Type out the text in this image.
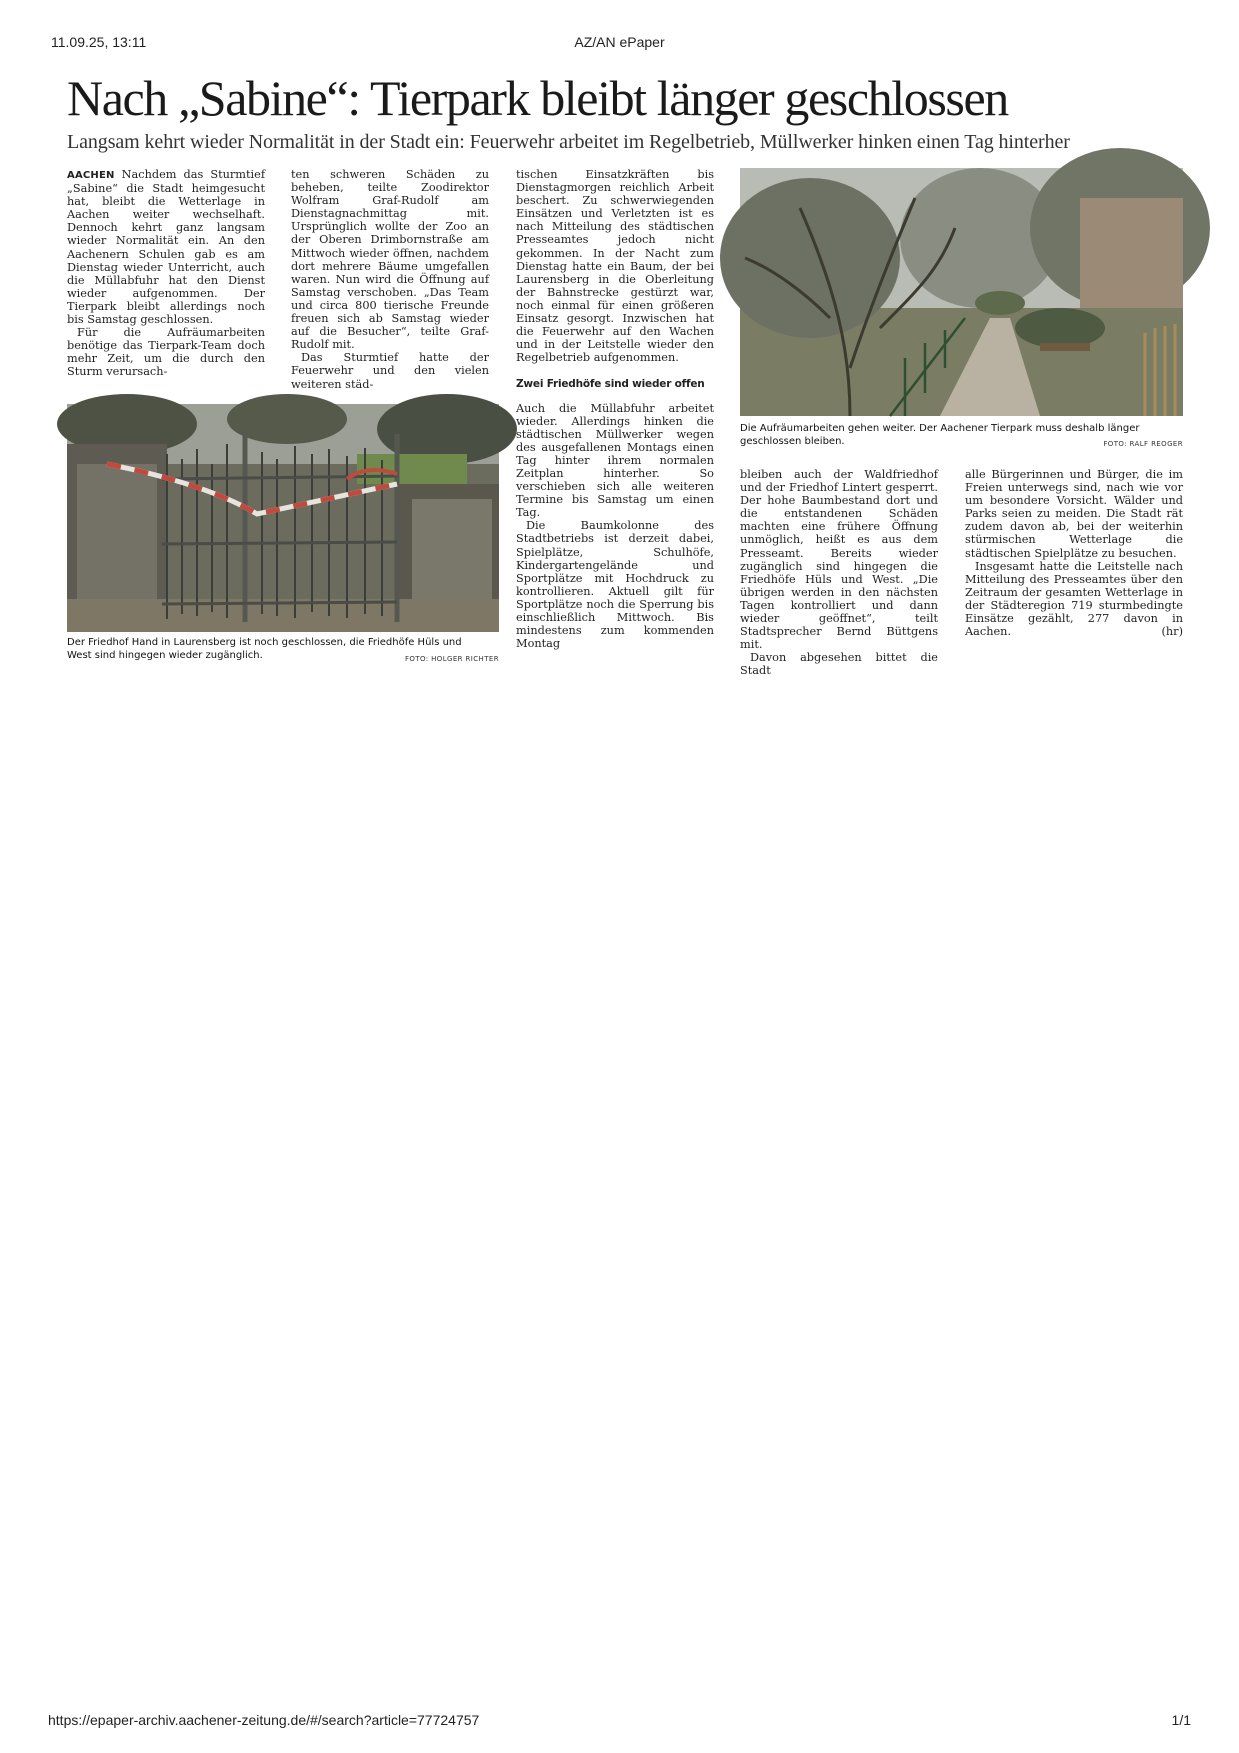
11.09.25, 13:11	AZ/AN ePaper
Nach „Sabine“: Tierpark bleibt länger geschlossen

Langsam kehrt wieder Normalität in der Stadt ein: Feuerwehr arbeitet im Regelbetrieb, Müllwerker hinken einen Tag hinterher

AACHEN Nachdem das Sturmtief „Sabine“ die Stadt heimgesucht hat, bleibt die Wetterlage in Aachen weiter wechselhaft. Dennoch kehrt ganz langsam wieder Normalität ein. An den Aachenern Schulen gab es am Dienstag wieder Unterricht, auch die Müllabfuhr hat den Dienst wieder aufgenommen. Der Tierpark bleibt allerdings noch bis Samstag geschlossen.

Für die Aufräumarbeiten benötige das Tierpark-Team doch mehr Zeit, um die durch den Sturm verursach-

ten schweren Schäden zu beheben, teilte Zoodirektor Wolfram Graf-Rudolf am Dienstagnachmittag mit. Ursprünglich wollte der Zoo an der Oberen Drimbornstraße am Mittwoch wieder öffnen, nachdem dort mehrere Bäume umgefallen waren. Nun wird die Öffnung auf Samstag verschoben. „Das Team und circa 800 tierische Freunde freuen sich ab Samstag wieder auf die Besucher“, teilte Graf-Rudolf mit.

Das Sturmtief hatte der Feuerwehr und den vielen weiteren städ-

tischen Einsatzkräften bis Dienstagmorgen reichlich Arbeit beschert. Zu schwerwiegenden Einsätzen und Verletzten ist es nach Mitteilung des städtischen Presseamtes jedoch nicht gekommen. In der Nacht zum Dienstag hatte ein Baum, der bei Laurensberg in die Oberleitung der Bahnstrecke gestürzt war, noch einmal für einen größeren Einsatz gesorgt. Inzwischen hat die Feuerwehr auf den Wachen und in der Leitstelle wieder den Regelbetrieb aufgenommen.

Zwei Friedhöfe sind wieder offen

Auch die Müllabfuhr arbeitet wieder. Allerdings hinken die städtischen Müllwerker wegen des ausgefallenen Montags einen Tag hinter ihrem normalen Zeitplan hinterher. So verschieben sich alle weiteren Termine bis Samstag um einen Tag.

Die Baumkolonne des Stadtbetriebs ist derzeit dabei, Spielplätze, Schulhöfe, Kindergartengelände und Sportplätze mit Hochdruck zu kontrollieren. Aktuell gilt für Sportplätze noch die Sperrung bis einschließlich Mittwoch. Bis mindestens zum kommenden Montag

bleiben auch der Waldfriedhof und der Friedhof Lintert gesperrt. Der hohe Baumbestand dort und die entstandenen Schäden machten eine frühere Öffnung unmöglich, heißt es aus dem Presseamt. Bereits wieder zugänglich sind hingegen die Friedhöfe Hüls und West. „Die übrigen werden in den nächsten Tagen kontrolliert und dann wieder geöffnet“, teilt Stadtsprecher Bernd Büttgens mit.

Davon abgesehen bittet die Stadt

alle Bürgerinnen und Bürger, die im Freien unterwegs sind, nach wie vor um besondere Vorsicht. Wälder und Parks seien zu meiden. Die Stadt rät zudem davon ab, bei der weiterhin stürmischen Wetterlage die städtischen Spielplätze zu besuchen.

Insgesamt hatte die Leitstelle nach Mitteilung des Presseamtes über den Zeitraum der gesamten Wetterlage in der Städteregion 719 sturmbedingte Einsätze gezählt, 277 davon in Aachen.	(hr)

Der Friedhof Hand in Laurensberg ist noch geschlossen, die Friedhöfe Hüls und West sind hingegen wieder zugänglich.	FOTO: HOLGER RICHTER
Die Aufräumarbeiten gehen weiter. Der Aachener Tierpark muss deshalb länger geschlossen bleiben.	FOTO: RALF REOGER
https://epaper-archiv.aachener-zeitung.de/#/search?article=77724757	1/1
